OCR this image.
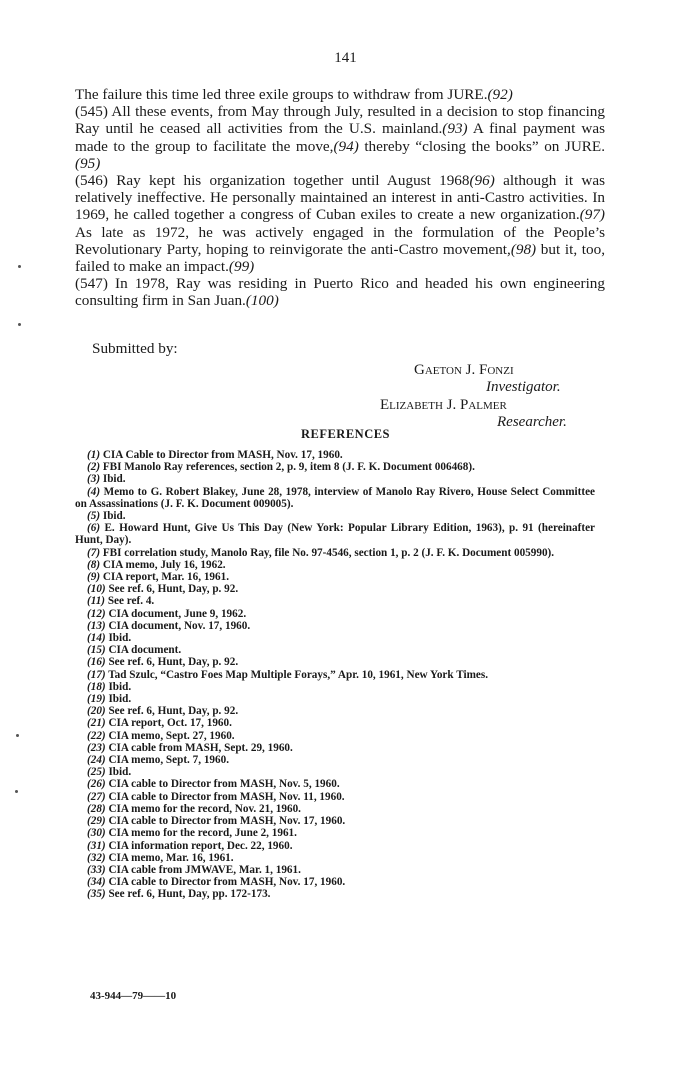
141

The failure this time led three exile groups to withdraw from JURE.(92)

(545) All these events, from May through July, resulted in a decision to stop financing Ray until he ceased all activities from the U.S. mainland.(93) A final payment was made to the group to facilitate the move,(94) thereby “closing the books” on JURE.(95)

(546) Ray kept his organization together until August 1968(96) although it was relatively ineffective. He personally maintained an interest in anti-Castro activities. In 1969, he called together a congress of Cuban exiles to create a new organization.(97) As late as 1972, he was actively engaged in the formulation of the People’s Revolutionary Party, hoping to reinvigorate the anti-Castro movement,(98) but it, too, failed to make an impact.(99)

(547) In 1978, Ray was residing in Puerto Rico and headed his own engineering consulting firm in San Juan.(100)

Submitted by:
Gaeton J. Fonzi
Investigator.
Elizabeth J. Palmer
Researcher.
REFERENCES

(1) CIA Cable to Director from MASH, Nov. 17, 1960.

(2) FBI Manolo Ray references, section 2, p. 9, item 8 (J. F. K. Document 006468).

(3) Ibid.

(4) Memo to G. Robert Blakey, June 28, 1978, interview of Manolo Ray Rivero, House Select Committee on Assassinations (J. F. K. Document 009005).

(5) Ibid.

(6) E. Howard Hunt, Give Us This Day (New York: Popular Library Edition, 1963), p. 91 (hereinafter Hunt, Day).

(7) FBI correlation study, Manolo Ray, file No. 97-4546, section 1, p. 2 (J. F. K. Document 005990).

(8) CIA memo, July 16, 1962.

(9) CIA report, Mar. 16, 1961.

(10) See ref. 6, Hunt, Day, p. 92.

(11) See ref. 4.

(12) CIA document, June 9, 1962.

(13) CIA document, Nov. 17, 1960.

(14) Ibid.

(15) CIA document.

(16) See ref. 6, Hunt, Day, p. 92.

(17) Tad Szulc, “Castro Foes Map Multiple Forays,” Apr. 10, 1961, New York Times.

(18) Ibid.

(19) Ibid.

(20) See ref. 6, Hunt, Day, p. 92.

(21) CIA report, Oct. 17, 1960.

(22) CIA memo, Sept. 27, 1960.

(23) CIA cable from MASH, Sept. 29, 1960.

(24) CIA memo, Sept. 7, 1960.

(25) Ibid.

(26) CIA cable to Director from MASH, Nov. 5, 1960.

(27) CIA cable to Director from MASH, Nov. 11, 1960.

(28) CIA memo for the record, Nov. 21, 1960.

(29) CIA cable to Director from MASH, Nov. 17, 1960.

(30) CIA memo for the record, June 2, 1961.

(31) CIA information report, Dec. 22, 1960.

(32) CIA memo, Mar. 16, 1961.

(33) CIA cable from JMWAVE, Mar. 1, 1961.

(34) CIA cable to Director from MASH, Nov. 17, 1960.

(35) See ref. 6, Hunt, Day, pp. 172-173.

43-944—79——10
